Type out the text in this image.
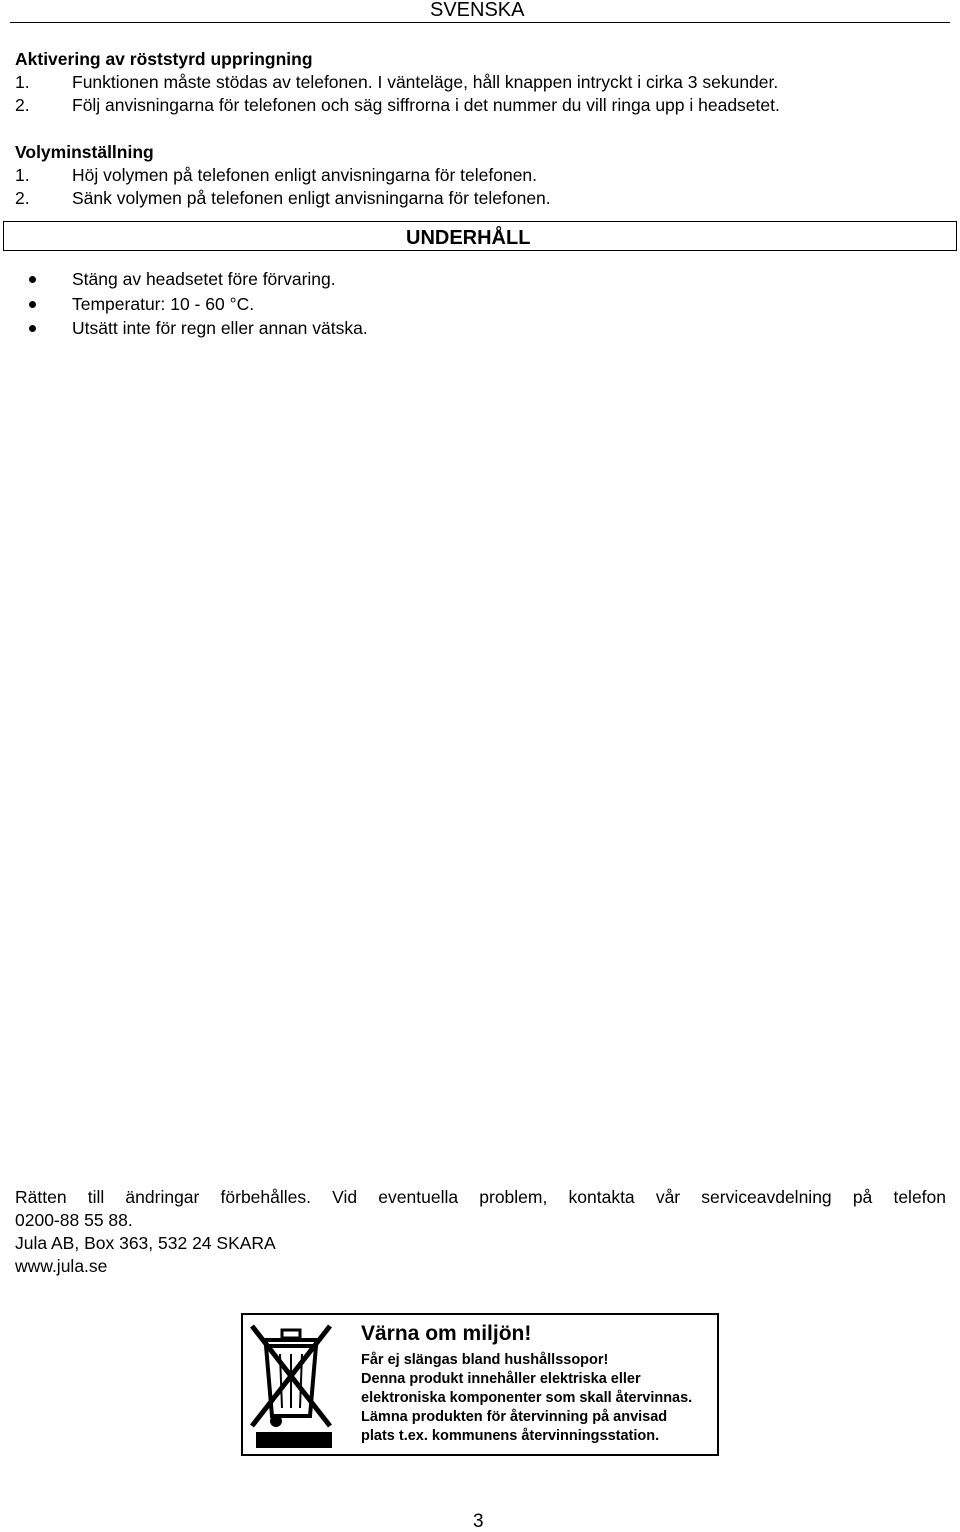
SVENSKA
Aktivering av röststyrd uppringning
1. Funktionen måste stödas av telefonen. I vänteläge, håll knappen intryckt i cirka 3 sekunder.
2. Följ anvisningarna för telefonen och säg siffrorna i det nummer du vill ringa upp i headsetet.
Volyminställning
1. Höj volymen på telefonen enligt anvisningarna för telefonen.
2. Sänk volymen på telefonen enligt anvisningarna för telefonen.
UNDERHÅLL
Stäng av headsetet före förvaring.
Temperatur: 10 - 60 °C.
Utsätt inte för regn eller annan vätska.
Rätten till ändringar förbehålles. Vid eventuella problem, kontakta vår serviceavdelning på telefon
0200-88 55 88.
Jula AB, Box 363, 532 24 SKARA
www.jula.se
Värna om miljön!
Får ej slängas bland hushållssopor!
Denna produkt innehåller elektriska eller
elektroniska komponenter som skall återvinnas.
Lämna produkten för återvinning på anvisad
plats t.ex. kommunens återvinningsstation.
3
